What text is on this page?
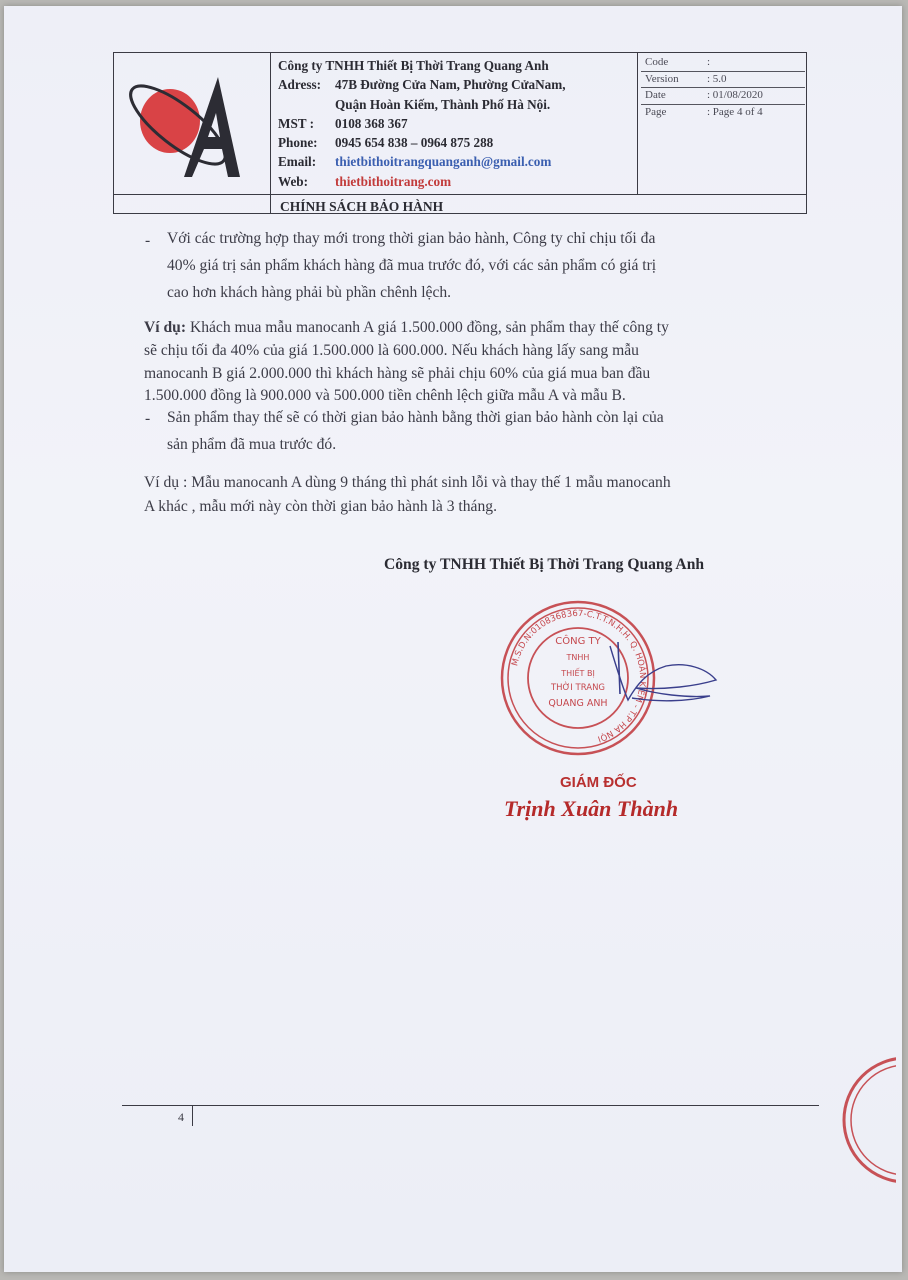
Công ty TNHH Thiết Bị Thời Trang Quang Anh
Adress: 47B Đường Cửa Nam, Phường CửaNam,
Quận Hoàn Kiếm, Thành Phố Hà Nội.
MST : 0108 368 367
Phone: 0945 654 838 – 0964 875 288
Email: thietbithoitrangquanganh@gmail.com
Web: thietbithoitrang.com
Code	:
Version	: 5.0
Date	: 01/08/2020
Page	: Page 4 of 4
CHÍNH SÁCH BẢO HÀNH
- Với các trường hợp thay mới trong thời gian bảo hành, Công ty chỉ chịu tối đa
40% giá trị sản phẩm khách hàng đã mua trước đó, với các sản phẩm có giá trị
cao hơn khách hàng phải bù phần chênh lệch.
Ví dụ: Khách mua mẫu manocanh A giá 1.500.000 đồng, sản phẩm thay thế công ty
sẽ chịu tối đa 40% của giá 1.500.000 là 600.000. Nếu khách hàng lấy sang mẫu
manocanh B giá 2.000.000 thì khách hàng sẽ phải chịu 60% của giá mua ban đầu
1.500.000 đồng là 900.000 và 500.000 tiền chênh lệch giữa mẫu A và mẫu B.
- Sản phẩm thay thế sẽ có thời gian bảo hành bằng thời gian bảo hành còn lại của
sản phẩm đã mua trước đó.
Ví dụ : Mẫu manocanh A dùng 9 tháng thì phát sinh lỗi và thay thế 1 mẫu manocanh
A khác , mẫu mới này còn thời gian bảo hành là 3 tháng.
Công ty TNHH Thiết Bị Thời Trang Quang Anh
M.S.D.N:0108368367-C.T.T.N.H.H. Q. HOÀN KIẾM - T.P HÀ NỘI
CÔNG TY
TNHH
THIẾT BỊ
THỜI TRANG
QUANG ANH
GIÁM ĐỐC
Trịnh Xuân Thành
4
